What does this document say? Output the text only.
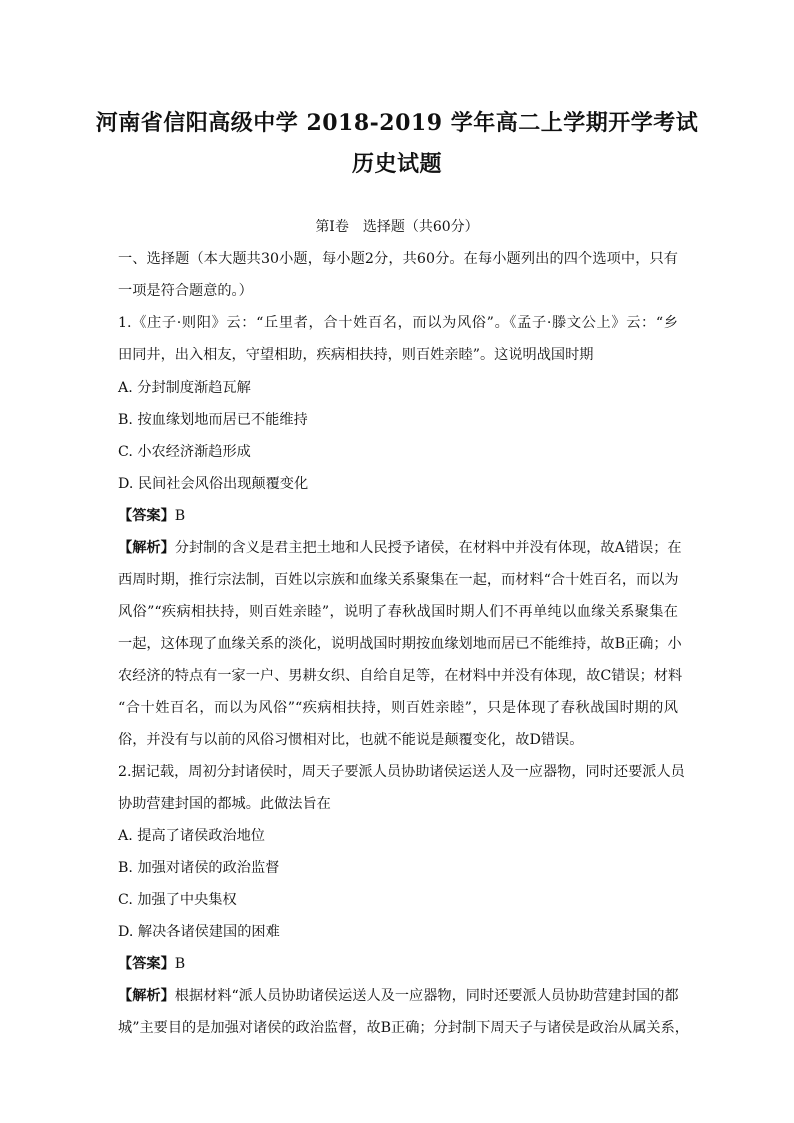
河南省信阳高级中学 2018-2019 学年高二上学期开学考试
历史试题
第Ⅰ卷　选择题（共60分）
一、选择题（本大题共30小题，每小题2分，共60分。在每小题列出的四个选项中，只有
一项是符合题意的。）
1.《庄子·则阳》云：“丘里者，合十姓百名，而以为风俗”。《孟子·滕文公上》云：“乡
田同井，出入相友，守望相助，疾病相扶持，则百姓亲睦”。这说明战国时期
A. 分封制度渐趋瓦解
B. 按血缘划地而居已不能维持
C. 小农经济渐趋形成
D. 民间社会风俗出现颠覆变化
【答案】B
【解析】分封制的含义是君主把土地和人民授予诸侯，在材料中并没有体现，故A错误；在
西周时期，推行宗法制，百姓以宗族和血缘关系聚集在一起，而材料“合十姓百名，而以为
风俗”“疾病相扶持，则百姓亲睦”，说明了春秋战国时期人们不再单纯以血缘关系聚集在
一起，这体现了血缘关系的淡化，说明战国时期按血缘划地而居已不能维持，故B正确；小
农经济的特点有一家一户、男耕女织、自给自足等，在材料中并没有体现，故C错误；材料
“合十姓百名，而以为风俗”“疾病相扶持，则百姓亲睦”，只是体现了春秋战国时期的风
俗，并没有与以前的风俗习惯相对比，也就不能说是颠覆变化，故D错误。
2.据记载，周初分封诸侯时，周天子要派人员协助诸侯运送人及一应器物，同时还要派人员
协助营建封国的都城。此做法旨在
A. 提高了诸侯政治地位
B. 加强对诸侯的政治监督
C. 加强了中央集权
D. 解决各诸侯建国的困难
【答案】B
【解析】根据材料“派人员协助诸侯运送人及一应器物，同时还要派人员协助营建封国的都
城”主要目的是加强对诸侯的政治监督，故B正确；分封制下周天子与诸侯是政治从属关系，
